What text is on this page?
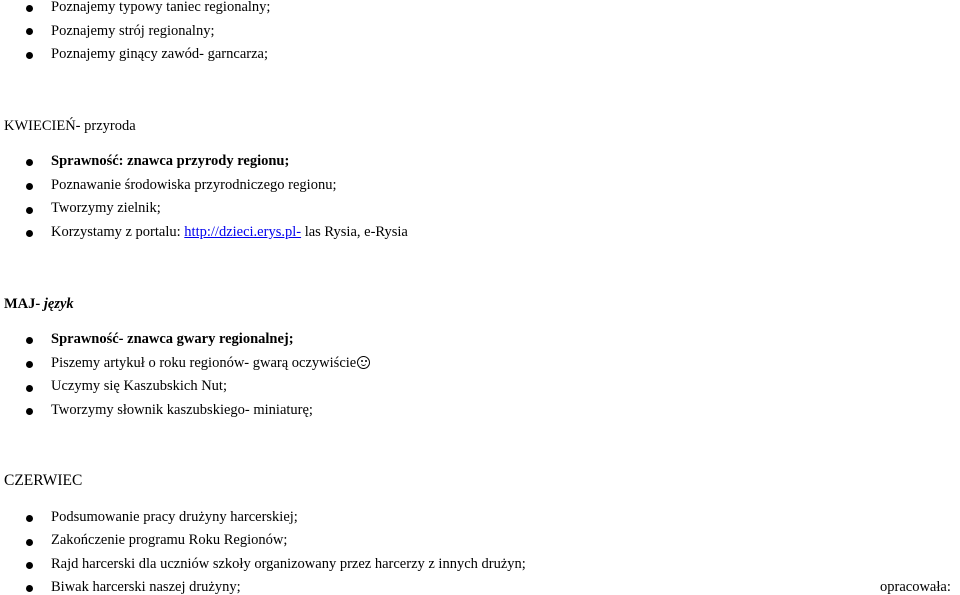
Poznajemy typowy taniec regionalny;
Poznajemy strój regionalny;
Poznajemy ginący zawód- garncarza;
KWIECIEŃ- przyroda
Sprawność: znawca przyrody regionu;
Poznawanie środowiska przyrodniczego regionu;
Tworzymy zielnik;
Korzystamy z portalu: http://dzieci.erys.pl- las Rysia, e-Rysia
MAJ- język
Sprawność- znawca gwary regionalnej;
Piszemy artykuł o roku regionów- gwarą oczywiście
Uczymy się Kaszubskich Nut;
Tworzymy słownik kaszubskiego- miniaturę;
CZERWIEC
Podsumowanie pracy drużyny harcerskiej;
Zakończenie programu Roku Regionów;
Rajd harcerski dla uczniów szkoły organizowany przez harcerzy z innych drużyn;
Biwak harcerski naszej drużyny;	opracowała:
